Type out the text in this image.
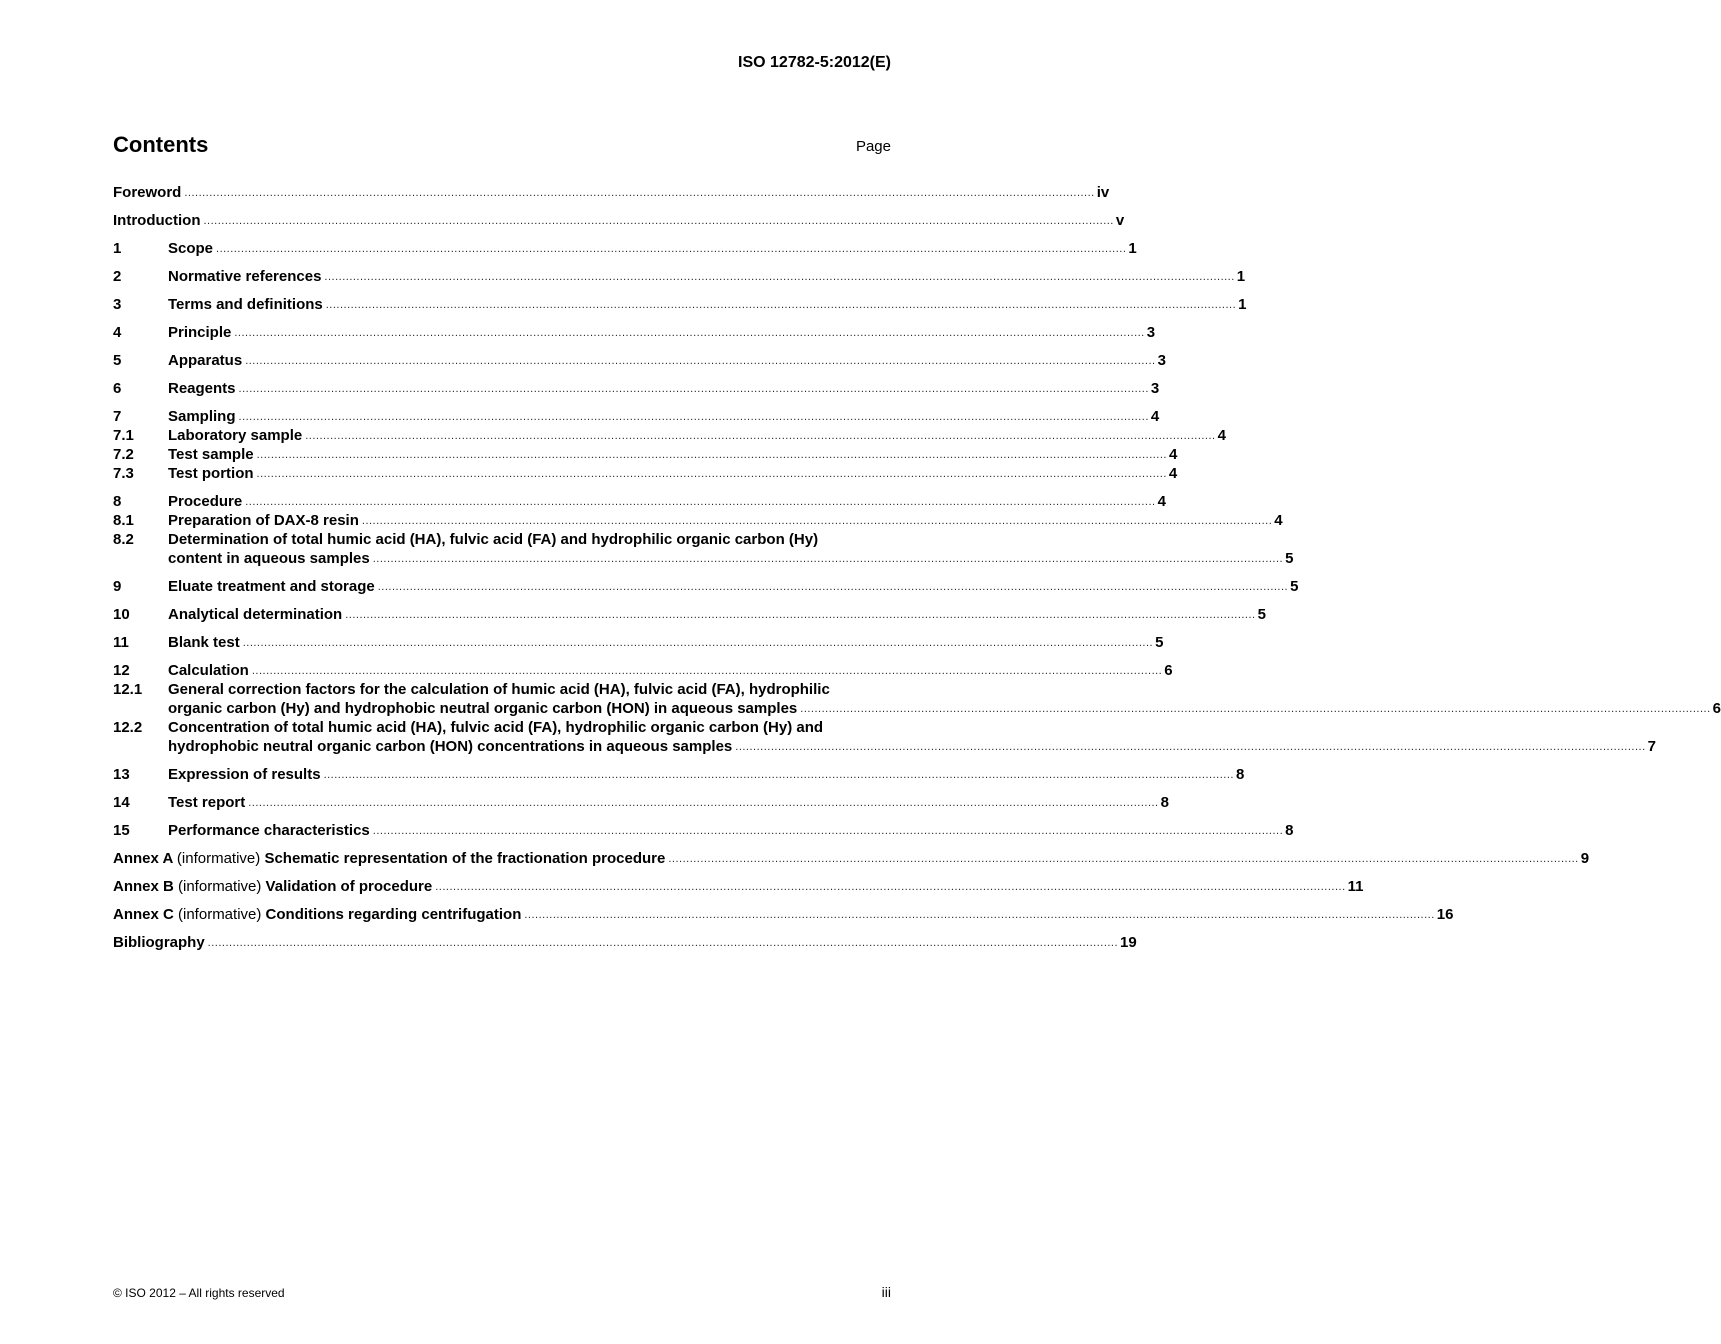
ISO 12782-5:2012(E)
Contents	Page
Foreword .....	iv
Introduction .....	v
1	Scope .....	1
2	Normative references .....	1
3	Terms and definitions .....	1
4	Principle .....	3
5	Apparatus .....	3
6	Reagents .....	3
7	Sampling .....	4
7.1	Laboratory sample .....	4
7.2	Test sample .....	4
7.3	Test portion .....	4
8	Procedure .....	4
8.1	Preparation of DAX-8 resin .....	4
8.2	Determination of total humic acid (HA), fulvic acid (FA) and hydrophilic organic carbon (Hy)
content in aqueous samples .....	5
9	Eluate treatment and storage .....	5
10	Analytical determination .....	5
11	Blank test .....	5
12	Calculation .....	6
12.1	General correction factors for the calculation of humic acid (HA), fulvic acid (FA), hydrophilic
organic carbon (Hy) and hydrophobic neutral organic carbon (HON) in aqueous samples .....	6
12.2	Concentration of total humic acid (HA), fulvic acid (FA), hydrophilic organic carbon (Hy) and
hydrophobic neutral organic carbon (HON) concentrations in aqueous samples .....	7
13	Expression of results .....	8
14	Test report .....	8
15	Performance characteristics .....	8
Annex A (informative) Schematic representation of the fractionation procedure .....	9
Annex B (informative) Validation of procedure .....	11
Annex C (informative) Conditions regarding centrifugation .....	16
Bibliography .....	19
© ISO 2012 – All rights reserved	iii
